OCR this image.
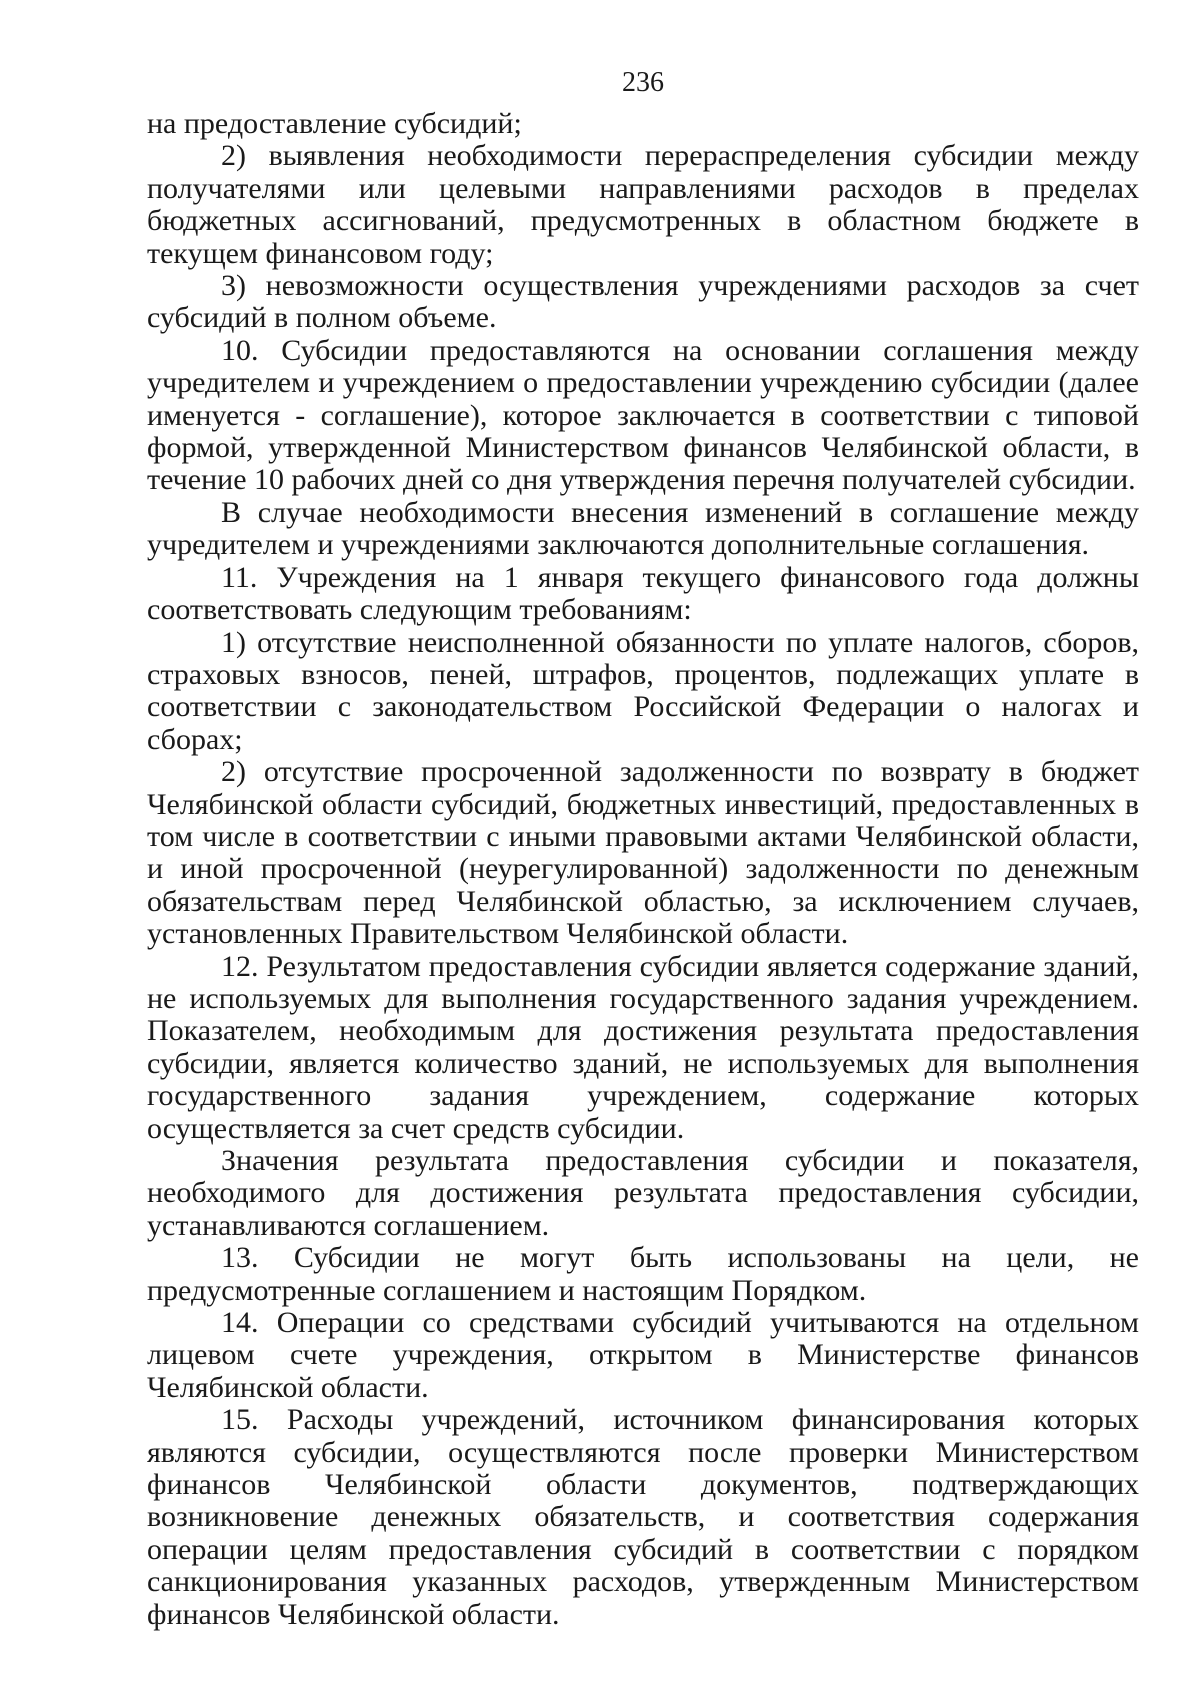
236

на предоставление субсидий;

2) выявления необходимости перераспределения субсидии между получателями или целевыми направлениями расходов в пределах бюджетных ассигнований, предусмотренных в областном бюджете в текущем финансовом году;

3) невозможности осуществления учреждениями расходов за счет субсидий в полном объеме.

10. Субсидии предоставляются на основании соглашения между учредителем и учреждением о предоставлении учреждению субсидии (далее именуется - соглашение), которое заключается в соответствии с типовой формой, утвержденной Министерством финансов Челябинской области, в течение 10 рабочих дней со дня утверждения перечня получателей субсидии.

В случае необходимости внесения изменений в соглашение между учредителем и учреждениями заключаются дополнительные соглашения.

11. Учреждения на 1 января текущего финансового года должны соответствовать следующим требованиям:

1) отсутствие неисполненной обязанности по уплате налогов, сборов, страховых взносов, пеней, штрафов, процентов, подлежащих уплате в соответствии с законодательством Российской Федерации о налогах и сборах;

2) отсутствие просроченной задолженности по возврату в бюджет Челябинской области субсидий, бюджетных инвестиций, предоставленных в том числе в соответствии с иными правовыми актами Челябинской области, и иной просроченной (неурегулированной) задолженности по денежным обязательствам перед Челябинской областью, за исключением случаев, установленных Правительством Челябинской области.

12. Результатом предоставления субсидии является содержание зданий, не используемых для выполнения государственного задания учреждением. Показателем, необходимым для достижения результата предоставления субсидии, является количество зданий, не используемых для выполнения государственного задания учреждением, содержание которых осуществляется за счет средств субсидии.

Значения результата предоставления субсидии и показателя, необходимого для достижения результата предоставления субсидии, устанавливаются соглашением.

13. Субсидии не могут быть использованы на цели, не предусмотренные соглашением и настоящим Порядком.

14. Операции со средствами субсидий учитываются на отдельном лицевом счете учреждения, открытом в Министерстве финансов Челябинской области.

15. Расходы учреждений, источником финансирования которых являются субсидии, осуществляются после проверки Министерством финансов Челябинской области документов, подтверждающих возникновение денежных обязательств, и соответствия содержания операции целям предоставления субсидий в соответствии с порядком санкционирования указанных расходов, утвержденным Министерством финансов Челябинской области.
